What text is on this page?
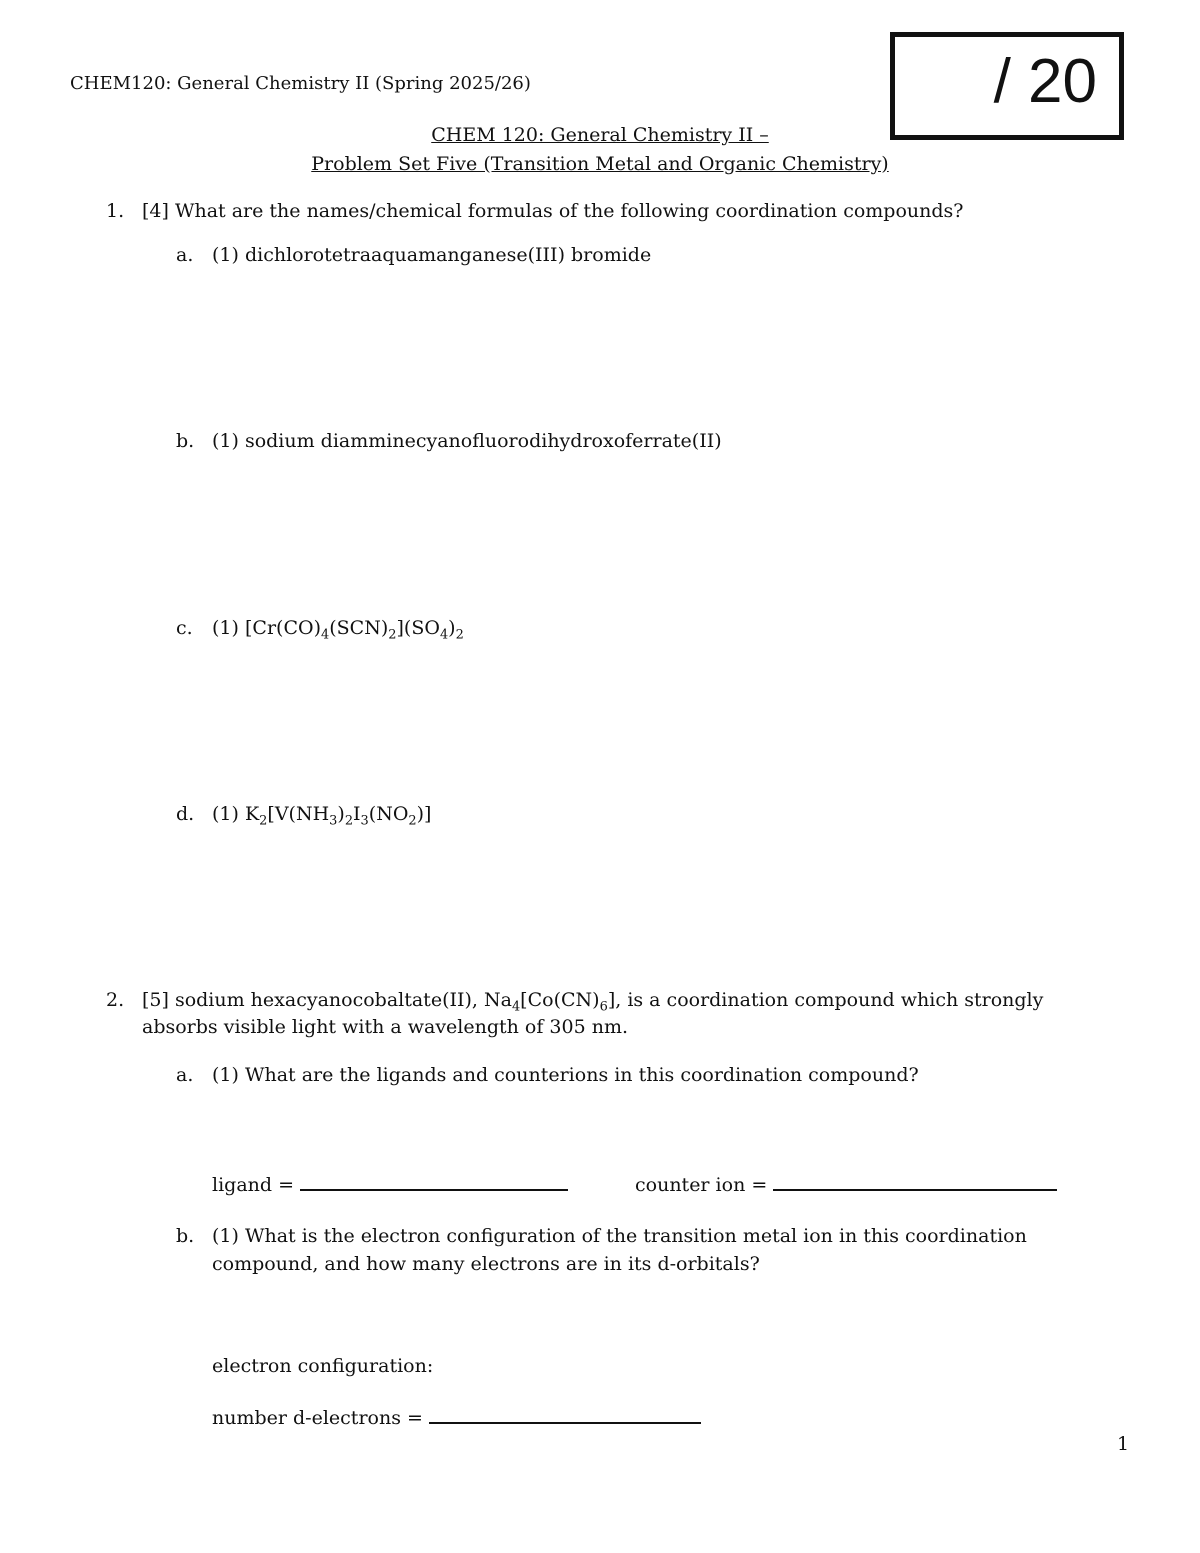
CHEM120: General Chemistry II (Spring 2025/26)	/ 20
CHEM 120: General Chemistry II –
Problem Set Five (Transition Metal and Organic Chemistry)
1. [4] What are the names/chemical formulas of the following coordination compounds?
a. (1) dichlorotetraaquamanganese(III) bromide
b. (1) sodium diamminecyanofluorodihydroxoferrate(II)
c. (1) $[Cr(CO)_4(SCN)_2](SO_4)_2$
d. (1) $K_2[V(NH_3)_2I_3(NO_2)]$
2. [5] sodium hexacyanocobaltate(II), $Na_4[Co(CN)_6]$, is a coordination compound which strongly
absorbs visible light with a wavelength of 305 nm.
a. (1) What are the ligands and counterions in this coordination compound?
ligand =	counter ion =
b. (1) What is the electron configuration of the transition metal ion in this coordination
compound, and how many electrons are in its d-orbitals?
electron configuration:
number d-electrons =
1
